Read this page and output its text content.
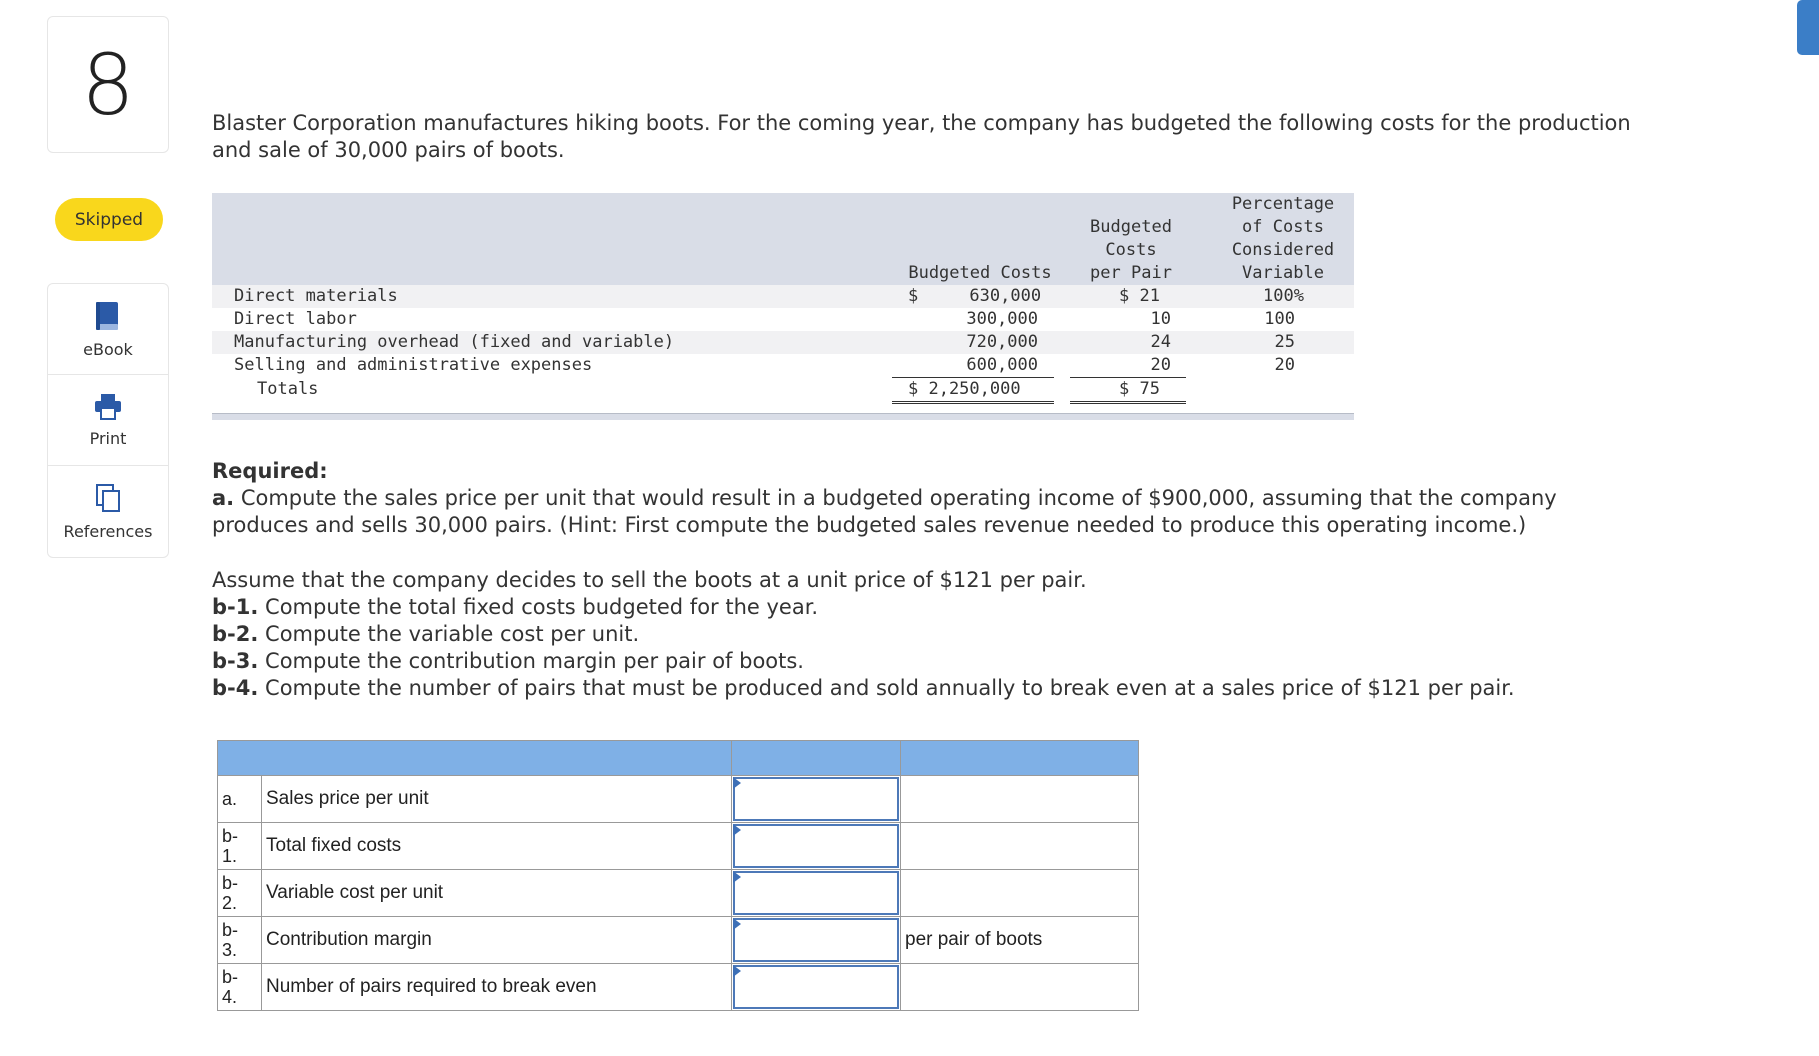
8
Skipped
eBook
Print
References
Blaster Corporation manufactures hiking boots. For the coming year, the company has budgeted the following costs for the production and sale of 30,000 pairs of boots.
Budgeted Costs
Budgeted
Costs
per Pair
Percentage
of Costs
Considered
Variable
Direct materials	$     630,000	$ 21	100%
Direct labor	300,000	10	100
Manufacturing overhead (fixed and variable)	720,000	24	25
Selling and administrative expenses	600,000	20	20
Totals	$ 2,250,000	$ 75
Required:
a. Compute the sales price per unit that would result in a budgeted operating income of $900,000, assuming that the company produces and sells 30,000 pairs. (Hint: First compute the budgeted sales revenue needed to produce this operating income.)
Assume that the company decides to sell the boots at a unit price of $121 per pair.
b-1. Compute the total fixed costs budgeted for the year.
b-2. Compute the variable cost per unit.
b-3. Compute the contribution margin per pair of boots.
b-4. Compute the number of pairs that must be produced and sold annually to break even at a sales price of $121 per pair.

a.	Sales price per unit	

b-
1.	Total fixed costs	

b-
2.	Variable cost per unit	

b-
3.	Contribution margin		per pair of boots
b-
4.	Number of pairs required to break even	
